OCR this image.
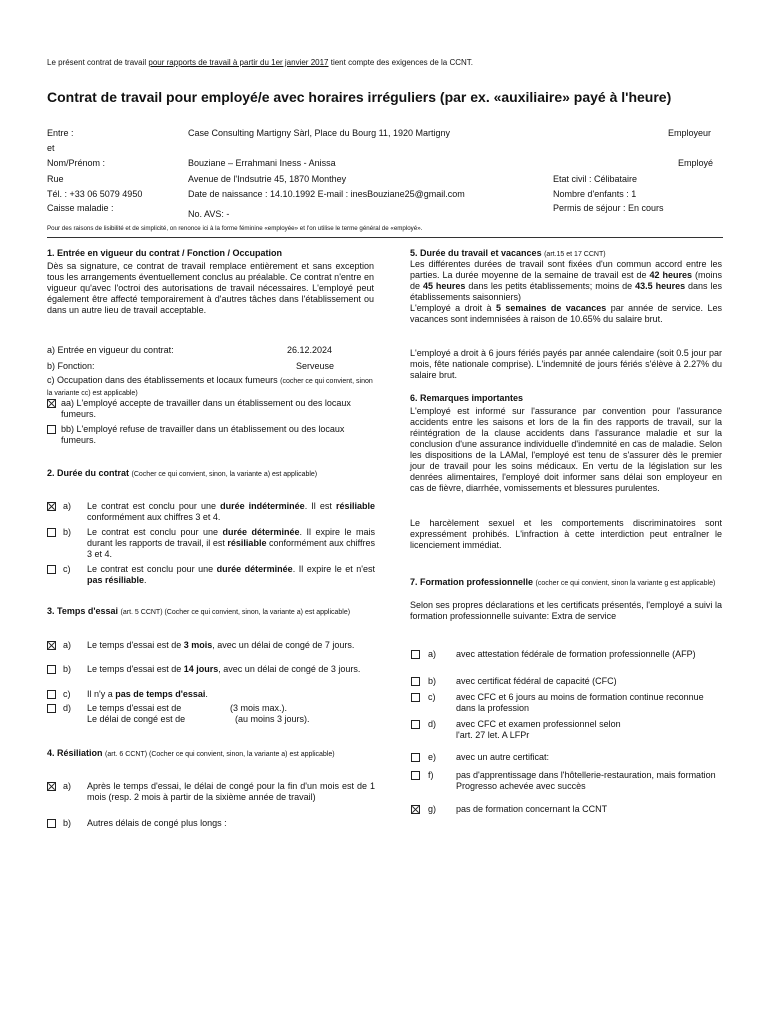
Le présent contrat de travail pour rapports de travail à partir du 1er janvier 2017 tient compte des exigences de la CCNT.
Contrat de travail pour employé/e avec horaires irréguliers (par ex. «auxiliaire» payé à l'heure)
Entre :	Case Consulting Martigny Sàrl, Place du Bourg 11, 1920 Martigny	Employeur
et
Nom/Prénom :	Bouziane – Errahmani Iness - Anissa	Employé
Rue	Avenue de l'Indsutrie 45, 1870 Monthey	Etat civil : Célibataire
Tél. : +33 06 5079 4950	Date de naissance : 14.10.1992 E-mail : inesBouziane25@gmail.com	Nombre d'enfants : 1
Caisse maladie :	Permis de séjour : En cours
No. AVS: -
Pour des raisons de lisibilité et de simplicité, on renonce ici à la forme féminine «employée» et l'on utilise le terme général de «employé».
1. Entrée en vigueur du contrat / Fonction / Occupation
Dès sa signature, ce contrat de travail remplace entièrement et sans exception tous les arrangements éventuellement conclus au préalable. Ce contrat n'entre en vigueur qu'avec l'octroi des autorisations de travail nécessaires. L'employé peut également être affecté temporairement à d'autres tâches dans l'établissement ou dans un autre lieu de travail acceptable.
a) Entrée en vigueur du contrat:	26.12.2024
b) Fonction:	Serveuse
c) Occupation dans des établissements et locaux fumeurs (cocher ce qui convient, sinon la variante cc) est applicable)
aa) L'employé accepte de travailler dans un établissement ou des locaux fumeurs.
bb) L'employé refuse de travailler dans un établissement ou des locaux fumeurs.
2. Durée du contrat (Cocher ce qui convient, sinon, la variante a) est applicable)
a) Le contrat est conclu pour une durée indéterminée. Il est résiliable conformément aux chiffres 3 et 4.
b) Le contrat est conclu pour une durée déterminée. Il expire le mais durant les rapports de travail, il est résiliable conformément aux chiffres 3 et 4.
c) Le contrat est conclu pour une durée déterminée. Il expire le et n'est pas résiliable.
3. Temps d'essai (art. 5 CCNT) (Cocher ce qui convient, sinon, la variante a) est applicable)
a) Le temps d'essai est de 3 mois, avec un délai de congé de 7 jours.
b) Le temps d'essai est de 14 jours, avec un délai de congé de 3 jours.
c) Il n'y a pas de temps d'essai.
d) Le temps d'essai est de	(3 mois max.).
Le délai de congé est de	(au moins 3 jours).
4. Résiliation (art. 6 CCNT) (Cocher ce qui convient, sinon, la variante a) est applicable)
a) Après le temps d'essai, le délai de congé pour la fin d'un mois est de 1 mois (resp. 2 mois à partir de la sixième année de travail)
b) Autres délais de congé plus longs :
5. Durée du travail et vacances (art.15 et 17 CCNT)
Les différentes durées de travail sont fixées d'un commun accord entre les parties. La durée moyenne de la semaine de travail est de 42 heures (moins de 45 heures dans les petits établissements; moins de 43.5 heures dans les établissements saisonniers)
L'employé a droit à 5 semaines de vacances par année de service. Les vacances sont indemnisées à raison de 10.65% du salaire brut.
L'employé a droit à 6 jours fériés payés par année calendaire (soit 0.5 jour par mois, fête nationale comprise). L'indemnité de jours fériés s'élève à 2.27% du salaire brut.
6. Remarques importantes
L'employé est informé sur l'assurance par convention pour l'assurance accidents entre les saisons et lors de la fin des rapports de travail, sur la réintégration de la clause accidents dans l'assurance maladie et sur la conclusion d'une assurance individuelle d'indemnité en cas de maladie. Selon les dispositions de la LAMal, l'employé est tenu de s'assurer dès le premier jour de travail pour les soins médicaux. En vertu de la législation sur les denrées alimentaires, l'employé doit informer sans délai son employeur en cas de fièvre, diarrhée, vomissements et blessures purulentes.
Le harcèlement sexuel et les comportements discriminatoires sont expressément prohibés. L'infraction à cette interdiction peut entraîner le licenciement immédiat.
7. Formation professionnelle (cocher ce qui convient, sinon la variante g est applicable)
Selon ses propres déclarations et les certificats présentés, l'employé a suivi la formation professionnelle suivante: Extra de service
a) avec attestation fédérale de formation professionnelle (AFP)
b) avec certificat fédéral de capacité (CFC)
c) avec CFC et 6 jours au moins de formation continue reconnue dans la profession
d) avec CFC et examen professionnel selon l'art. 27 let. A LFPr
e) avec un autre certificat:
f)	pas d'apprentissage dans l'hôtellerie-restauration, mais formation Progresso achevée avec succès
g) pas de formation concernant la CCNT
